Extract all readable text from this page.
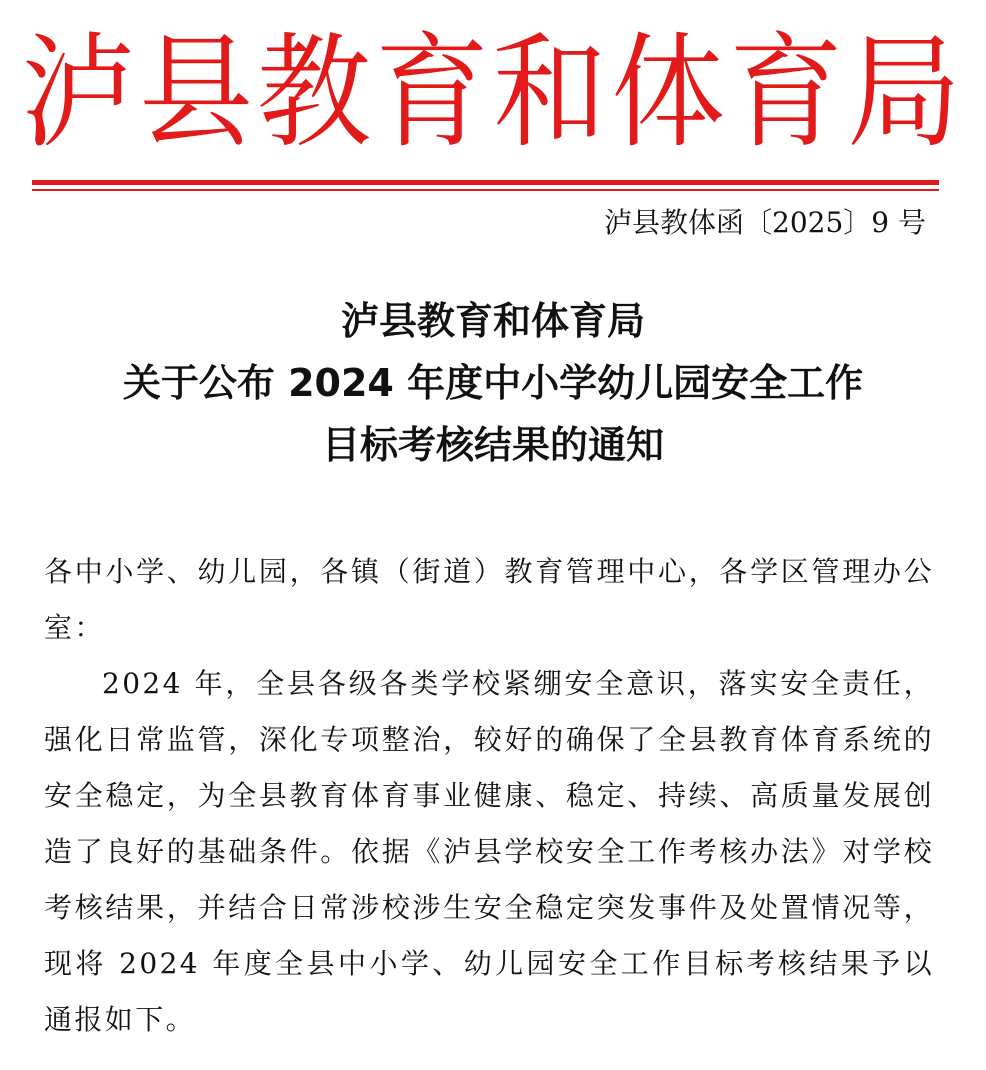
泸县教育和体育局
泸县教体函〔2025〕9 号
泸县教育和体育局
关于公布 2024 年度中小学幼儿园安全工作
目标考核结果的通知

各中小学、幼儿园，各镇（街道）教育管理中心，各学区管理办公室：

2024 年，全县各级各类学校紧绷安全意识，落实安全责任，强化日常监管，深化专项整治，较好的确保了全县教育体育系统的安全稳定，为全县教育体育事业健康、稳定、持续、高质量发展创造了良好的基础条件。依据《泸县学校安全工作考核办法》对学校考核结果，并结合日常涉校涉生安全稳定突发事件及处置情况等，现将 2024 年度全县中小学、幼儿园安全工作目标考核结果予以通报如下。
